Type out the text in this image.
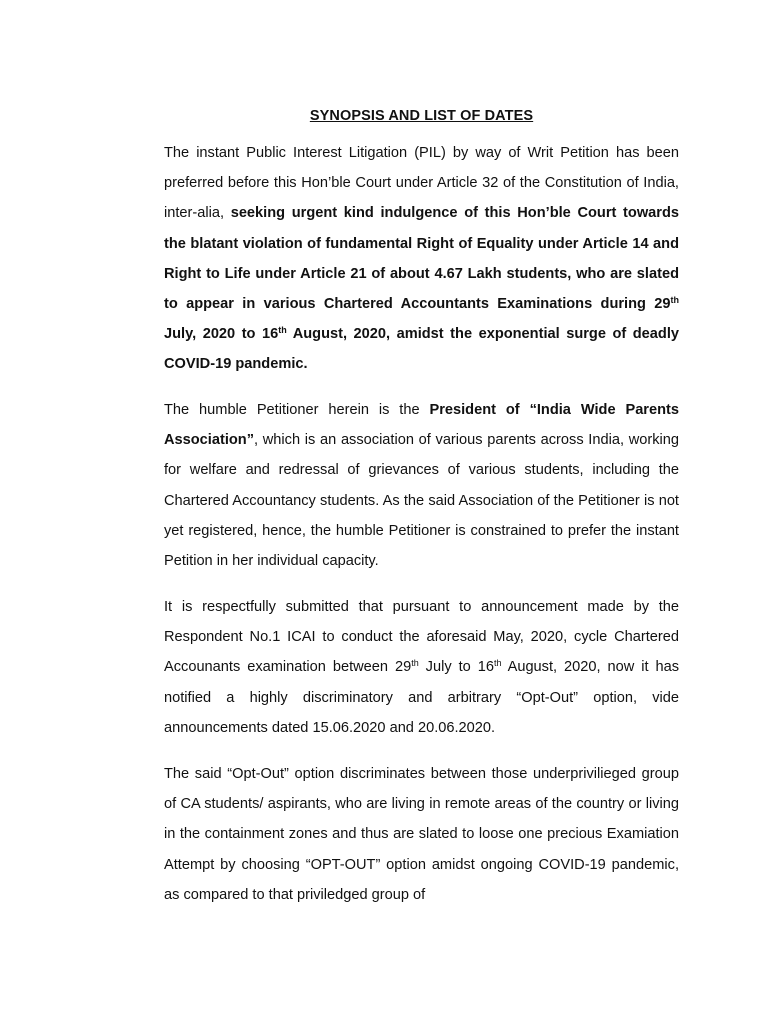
SYNOPSIS AND LIST OF DATES

The instant Public Interest Litigation (PIL) by way of Writ Petition has been preferred before this Hon’ble Court under Article 32 of the Constitution of India, inter-alia, seeking urgent kind indulgence of this Hon’ble Court towards the blatant violation of fundamental Right of Equality under Article 14 and Right to Life under Article 21 of about 4.67 Lakh students, who are slated to appear in various Chartered Accountants Examinations during 29th July, 2020 to 16th August, 2020, amidst the exponential surge of deadly COVID-19 pandemic.

The humble Petitioner herein is the President of “India Wide Parents Association”, which is an association of various parents across India, working for welfare and redressal of grievances of various students, including the Chartered Accountancy students. As the said Association of the Petitioner is not yet registered, hence, the humble Petitioner is constrained to prefer the instant Petition in her individual capacity.

It is respectfully submitted that pursuant to announcement made by the Respondent No.1 ICAI to conduct the aforesaid May, 2020, cycle Chartered Accounants examination between 29th July to 16th August, 2020, now it has notified a highly discriminatory and arbitrary “Opt-Out” option, vide announcements dated 15.06.2020 and 20.06.2020.

The said “Opt-Out” option discriminates between those underprivilieged group of CA students/ aspirants, who are living in remote areas of the country or living in the containment zones and thus are slated to loose one precious Examiation Attempt by choosing “OPT-OUT” option amidst ongoing COVID-19 pandemic, as compared to that priviledged group of
